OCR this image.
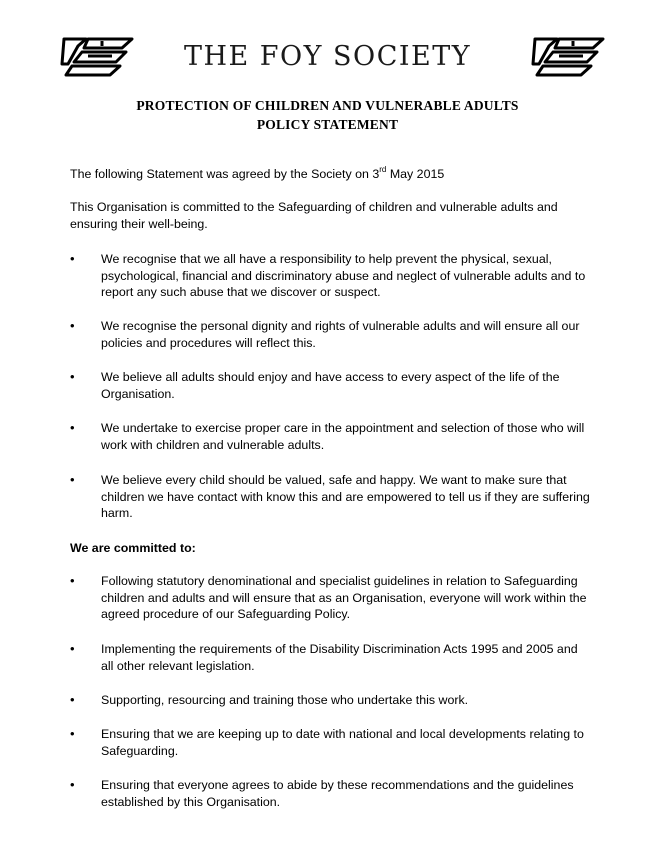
THE FOY SOCIETY
PROTECTION OF CHILDREN AND VULNERABLE ADULTS
POLICY STATEMENT
The following Statement was agreed by the Society on 3rd May 2015
This Organisation is committed to the Safeguarding of children and vulnerable adults and ensuring their well-being.
•	We recognise that we all have a responsibility to help prevent the physical, sexual, psychological, financial and discriminatory abuse and neglect of vulnerable adults and to report any such abuse that we discover or suspect.
•	We recognise the personal dignity and rights of vulnerable adults and will ensure all our policies and procedures will reflect this.
•	We believe all adults should enjoy and have access to every aspect of the life of the Organisation.
•	We undertake to exercise proper care in the appointment and selection of those who will work with children and vulnerable adults.
•	We believe every child should be valued, safe and happy. We want to make sure that children we have contact with know this and are empowered to tell us if they are suffering harm.
We are committed to:
•	Following statutory denominational and specialist guidelines in relation to Safeguarding children and adults and will ensure that as an Organisation, everyone will work within the agreed procedure of our Safeguarding Policy.
•	Implementing the requirements of the Disability Discrimination Acts 1995 and 2005 and all other relevant legislation.
•	Supporting, resourcing and training those who undertake this work.
•	Ensuring that we are keeping up to date with national and local developments relating to Safeguarding.
•	Ensuring that everyone agrees to abide by these recommendations and the guidelines established by this Organisation.
